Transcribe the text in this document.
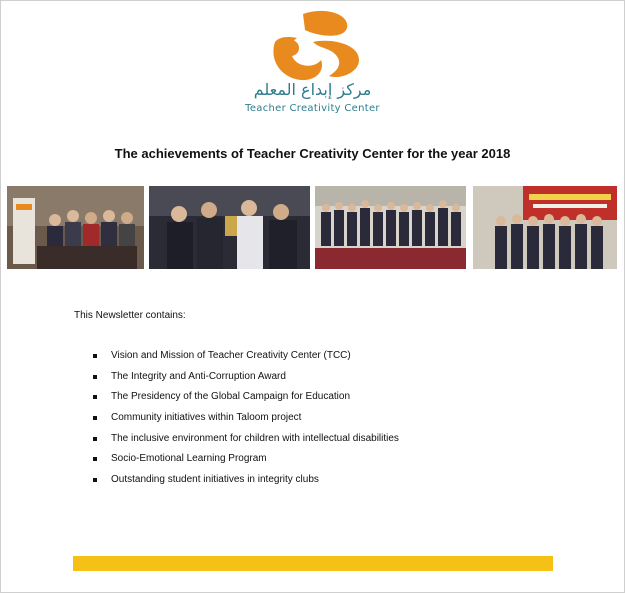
مركز إبداع المعلم
Teacher Creativity Center
The achievements of Teacher Creativity Center for the year 2018
This Newsletter contains:
Vision and Mission of Teacher Creativity Center (TCC)
The Integrity and Anti-Corruption Award
The Presidency of the Global Campaign for Education
Community initiatives within Taloom project
The inclusive environment for children with intellectual disabilities
Socio-Emotional Learning Program
Outstanding student initiatives in integrity clubs
